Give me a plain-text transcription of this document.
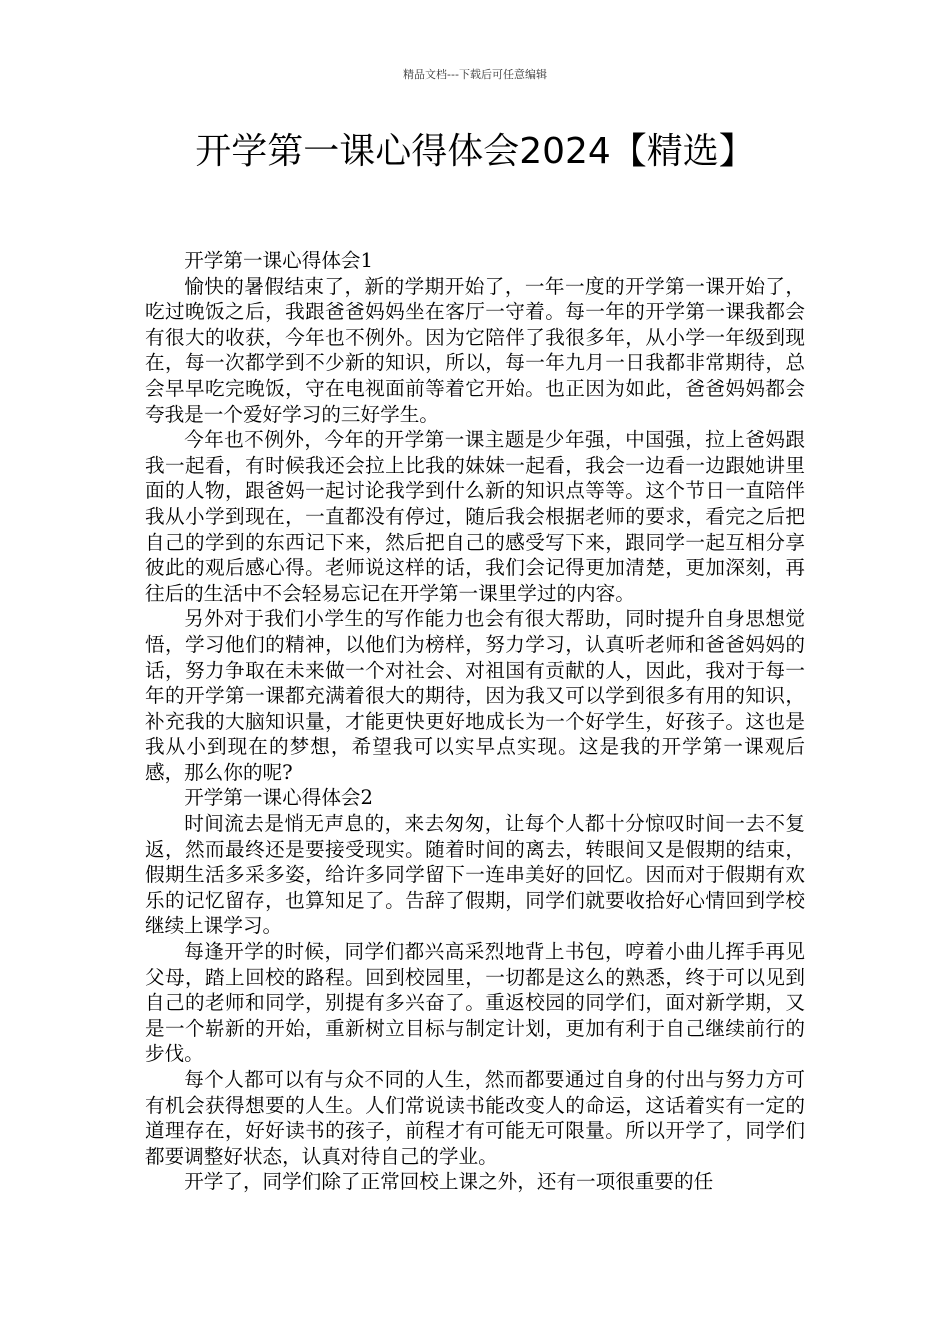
精品文档---下载后可任意编辑
开学第一课心得体会2024【精选】

开学第一课心得体会1

愉快的暑假结束了，新的学期开始了，一年一度的开学第一课开始了，吃过晚饭之后，我跟爸爸妈妈坐在客厅一守着。每一年的开学第一课我都会有很大的收获，今年也不例外。因为它陪伴了我很多年，从小学一年级到现在，每一次都学到不少新的知识，所以，每一年九月一日我都非常期待，总会早早吃完晚饭，守在电视面前等着它开始。也正因为如此，爸爸妈妈都会夸我是一个爱好学习的三好学生。

今年也不例外，今年的开学第一课主题是少年强，中国强，拉上爸妈跟我一起看，有时候我还会拉上比我的妹妹一起看，我会一边看一边跟她讲里面的人物，跟爸妈一起讨论我学到什么新的知识点等等。这个节日一直陪伴我从小学到现在，一直都没有停过，随后我会根据老师的要求，看完之后把自己的学到的东西记下来，然后把自己的感受写下来，跟同学一起互相分享彼此的观后感心得。老师说这样的话，我们会记得更加清楚，更加深刻，再往后的生活中不会轻易忘记在开学第一课里学过的内容。

另外对于我们小学生的写作能力也会有很大帮助，同时提升自身思想觉悟，学习他们的精神，以他们为榜样，努力学习，认真听老师和爸爸妈妈的话，努力争取在未来做一个对社会、对祖国有贡献的人，因此，我对于每一年的开学第一课都充满着很大的期待，因为我又可以学到很多有用的知识，补充我的大脑知识量，才能更快更好地成长为一个好学生，好孩子。这也是我从小到现在的梦想，希望我可以实早点实现。这是我的开学第一课观后感，那么你的呢?

开学第一课心得体会2

时间流去是悄无声息的，来去匆匆，让每个人都十分惊叹时间一去不复返，然而最终还是要接受现实。随着时间的离去，转眼间又是假期的结束，假期生活多采多姿，给许多同学留下一连串美好的回忆。因而对于假期有欢乐的记忆留存，也算知足了。告辞了假期，同学们就要收拾好心情回到学校继续上课学习。

每逢开学的时候，同学们都兴高采烈地背上书包，哼着小曲儿挥手再见父母，踏上回校的路程。回到校园里，一切都是这么的熟悉，终于可以见到自己的老师和同学，别提有多兴奋了。重返校园的同学们，面对新学期，又是一个崭新的开始，重新树立目标与制定计划，更加有利于自己继续前行的步伐。

每个人都可以有与众不同的人生，然而都要通过自身的付出与努力方可有机会获得想要的人生。人们常说读书能改变人的命运，这话着实有一定的道理存在，好好读书的孩子，前程才有可能无可限量。所以开学了，同学们都要调整好状态，认真对待自己的学业。

开学了，同学们除了正常回校上课之外，还有一项很重要的任
